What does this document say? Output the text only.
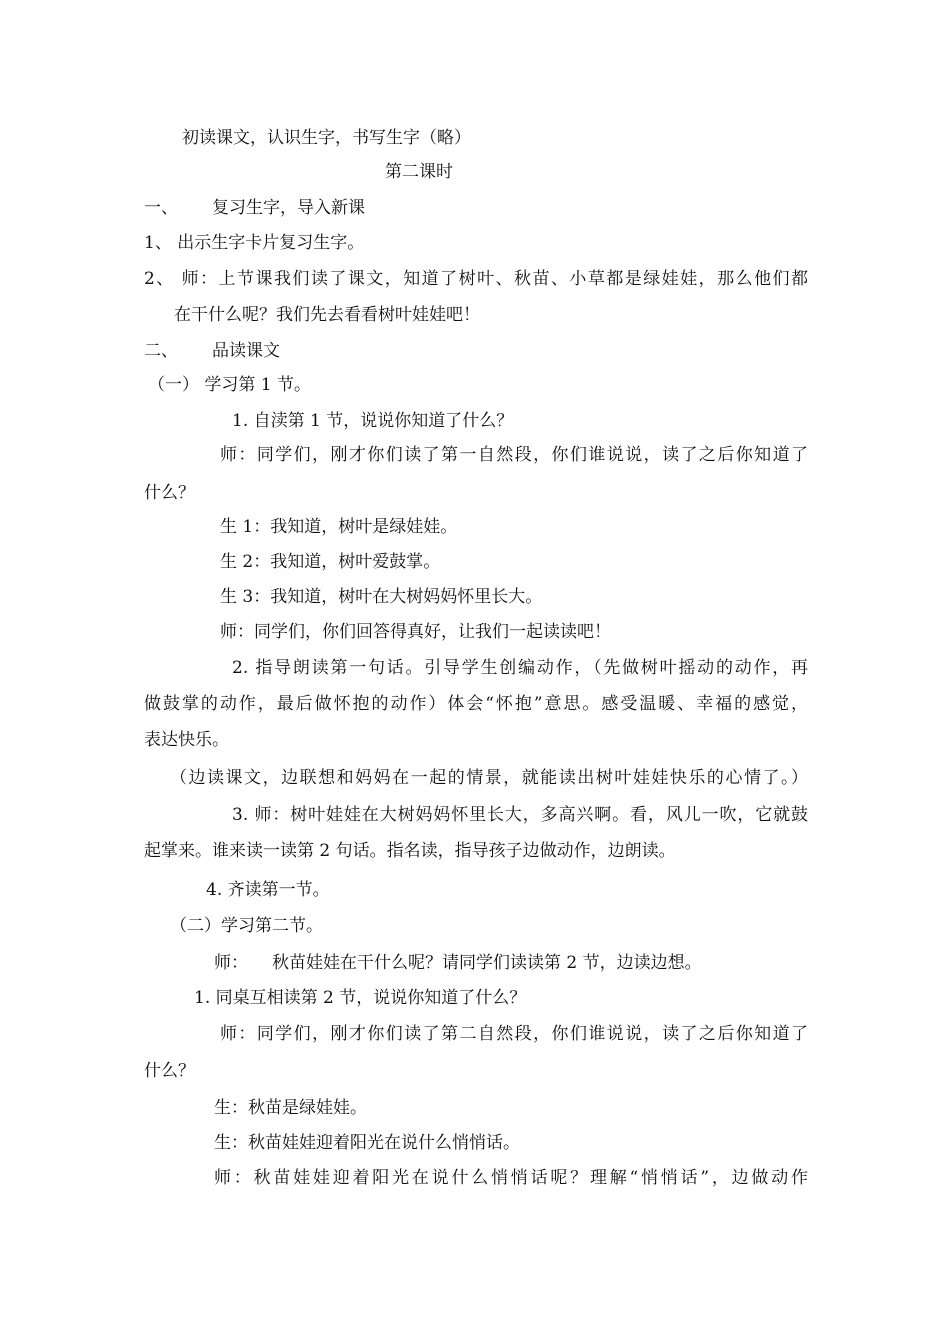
初读课文，认识生字，书写生字（略）
第二课时
一、 复习生字，导入新课
1、 出示生字卡片复习生字。
2、 师：上节课我们读了课文，知道了树叶、秋苗、小草都是绿娃娃，那么他们都
在干什么呢？我们先去看看树叶娃娃吧！
二、 品读课文
（一） 学习第 1 节。
1. 自渎第 1 节，说说你知道了什么？
师：同学们，刚才你们读了第一自然段，你们谁说说，读了之后你知道了
什么？
生 1：我知道，树叶是绿娃娃。
生 2：我知道，树叶爱鼓掌。
生 3：我知道，树叶在大树妈妈怀里长大。
师：同学们，你们回答得真好，让我们一起读读吧！
2. 指导朗读第一句话。引导学生创编动作，（先做树叶摇动的动作，再
做鼓掌的动作，最后做怀抱的动作）体会“怀抱”意思。感受温暖、幸福的感觉，
表达快乐。
（边读课文，边联想和妈妈在一起的情景，就能读出树叶娃娃快乐的心情了。）
3. 师：树叶娃娃在大树妈妈怀里长大，多高兴啊。看，风儿一吹，它就鼓
起掌来。谁来读一读第 2 句话。指名读，指导孩子边做动作，边朗读。
4. 齐读第一节。
（二）学习第二节。
师： 秋苗娃娃在干什么呢？请同学们读读第 2 节，边读边想。
1. 同桌互相读第 2 节，说说你知道了什么？
师：同学们，刚才你们读了第二自然段，你们谁说说，读了之后你知道了
什么？
生：秋苗是绿娃娃。
生：秋苗娃娃迎着阳光在说什么悄悄话。
师：秋苗娃娃迎着阳光在说什么悄悄话呢？理解“悄悄话”，边做动作
